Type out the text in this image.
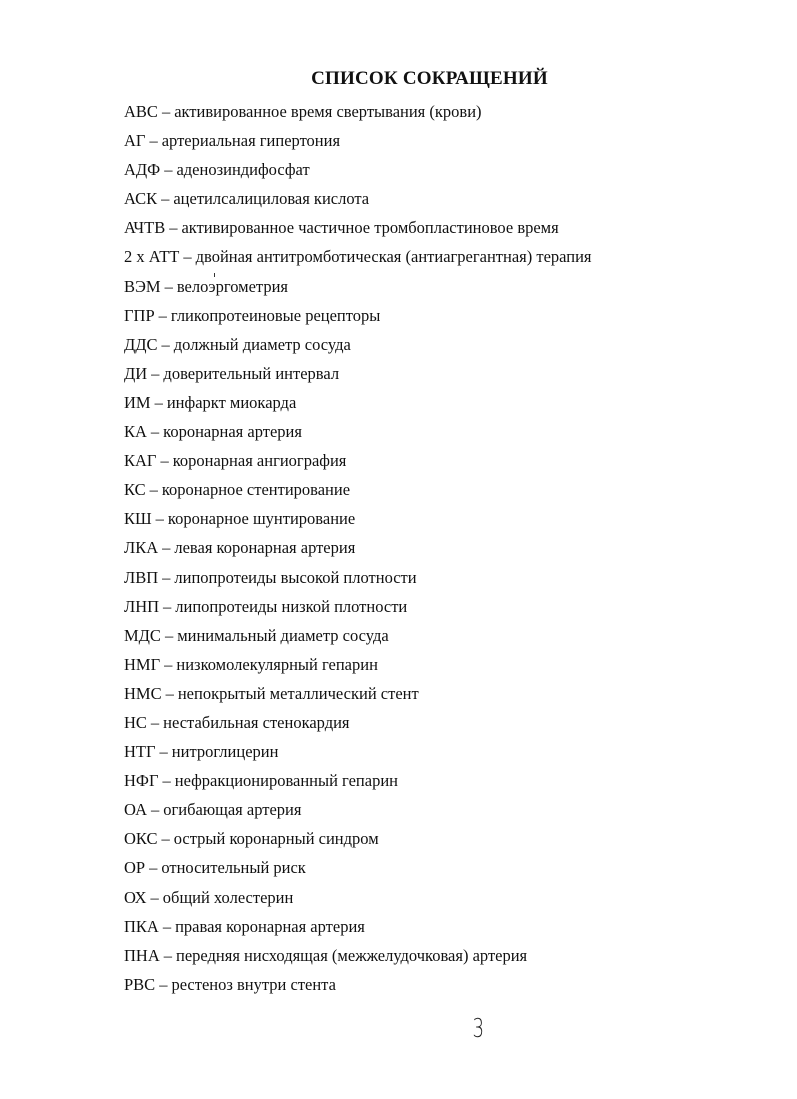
СПИСОК СОКРАЩЕНИЙ
АВС – активированное время свертывания (крови)
АГ – артериальная гипертония
АДФ – аденозиндифосфат
АСК – ацетилсалициловая кислота
АЧТВ – активированное частичное тромбопластиновое время
2 х АТТ – двойная антитромботическая (антиагрегантная) терапия
ВЭМ – велоэргометрия
ГПР – гликопротеиновые рецепторы
ДДС – должный диаметр сосуда
ДИ – доверительный интервал
ИМ – инфаркт миокарда
КА – коронарная артерия
КАГ – коронарная ангиография
КС – коронарное стентирование
КШ – коронарное шунтирование
ЛКА – левая коронарная артерия
ЛВП – липопротеиды высокой плотности
ЛНП – липопротеиды низкой плотности
МДС – минимальный диаметр сосуда
НМГ – низкомолекулярный гепарин
НМС – непокрытый металлический стент
НС – нестабильная стенокардия
НТГ – нитроглицерин
НФГ – нефракционированный гепарин
ОА – огибающая артерия
ОКС – острый коронарный синдром
ОР – относительный риск
ОХ – общий холестерин
ПКА – правая коронарная артерия
ПНА – передняя нисходящая (межжелудочковая) артерия
РВС – рестеноз внутри стента
3
